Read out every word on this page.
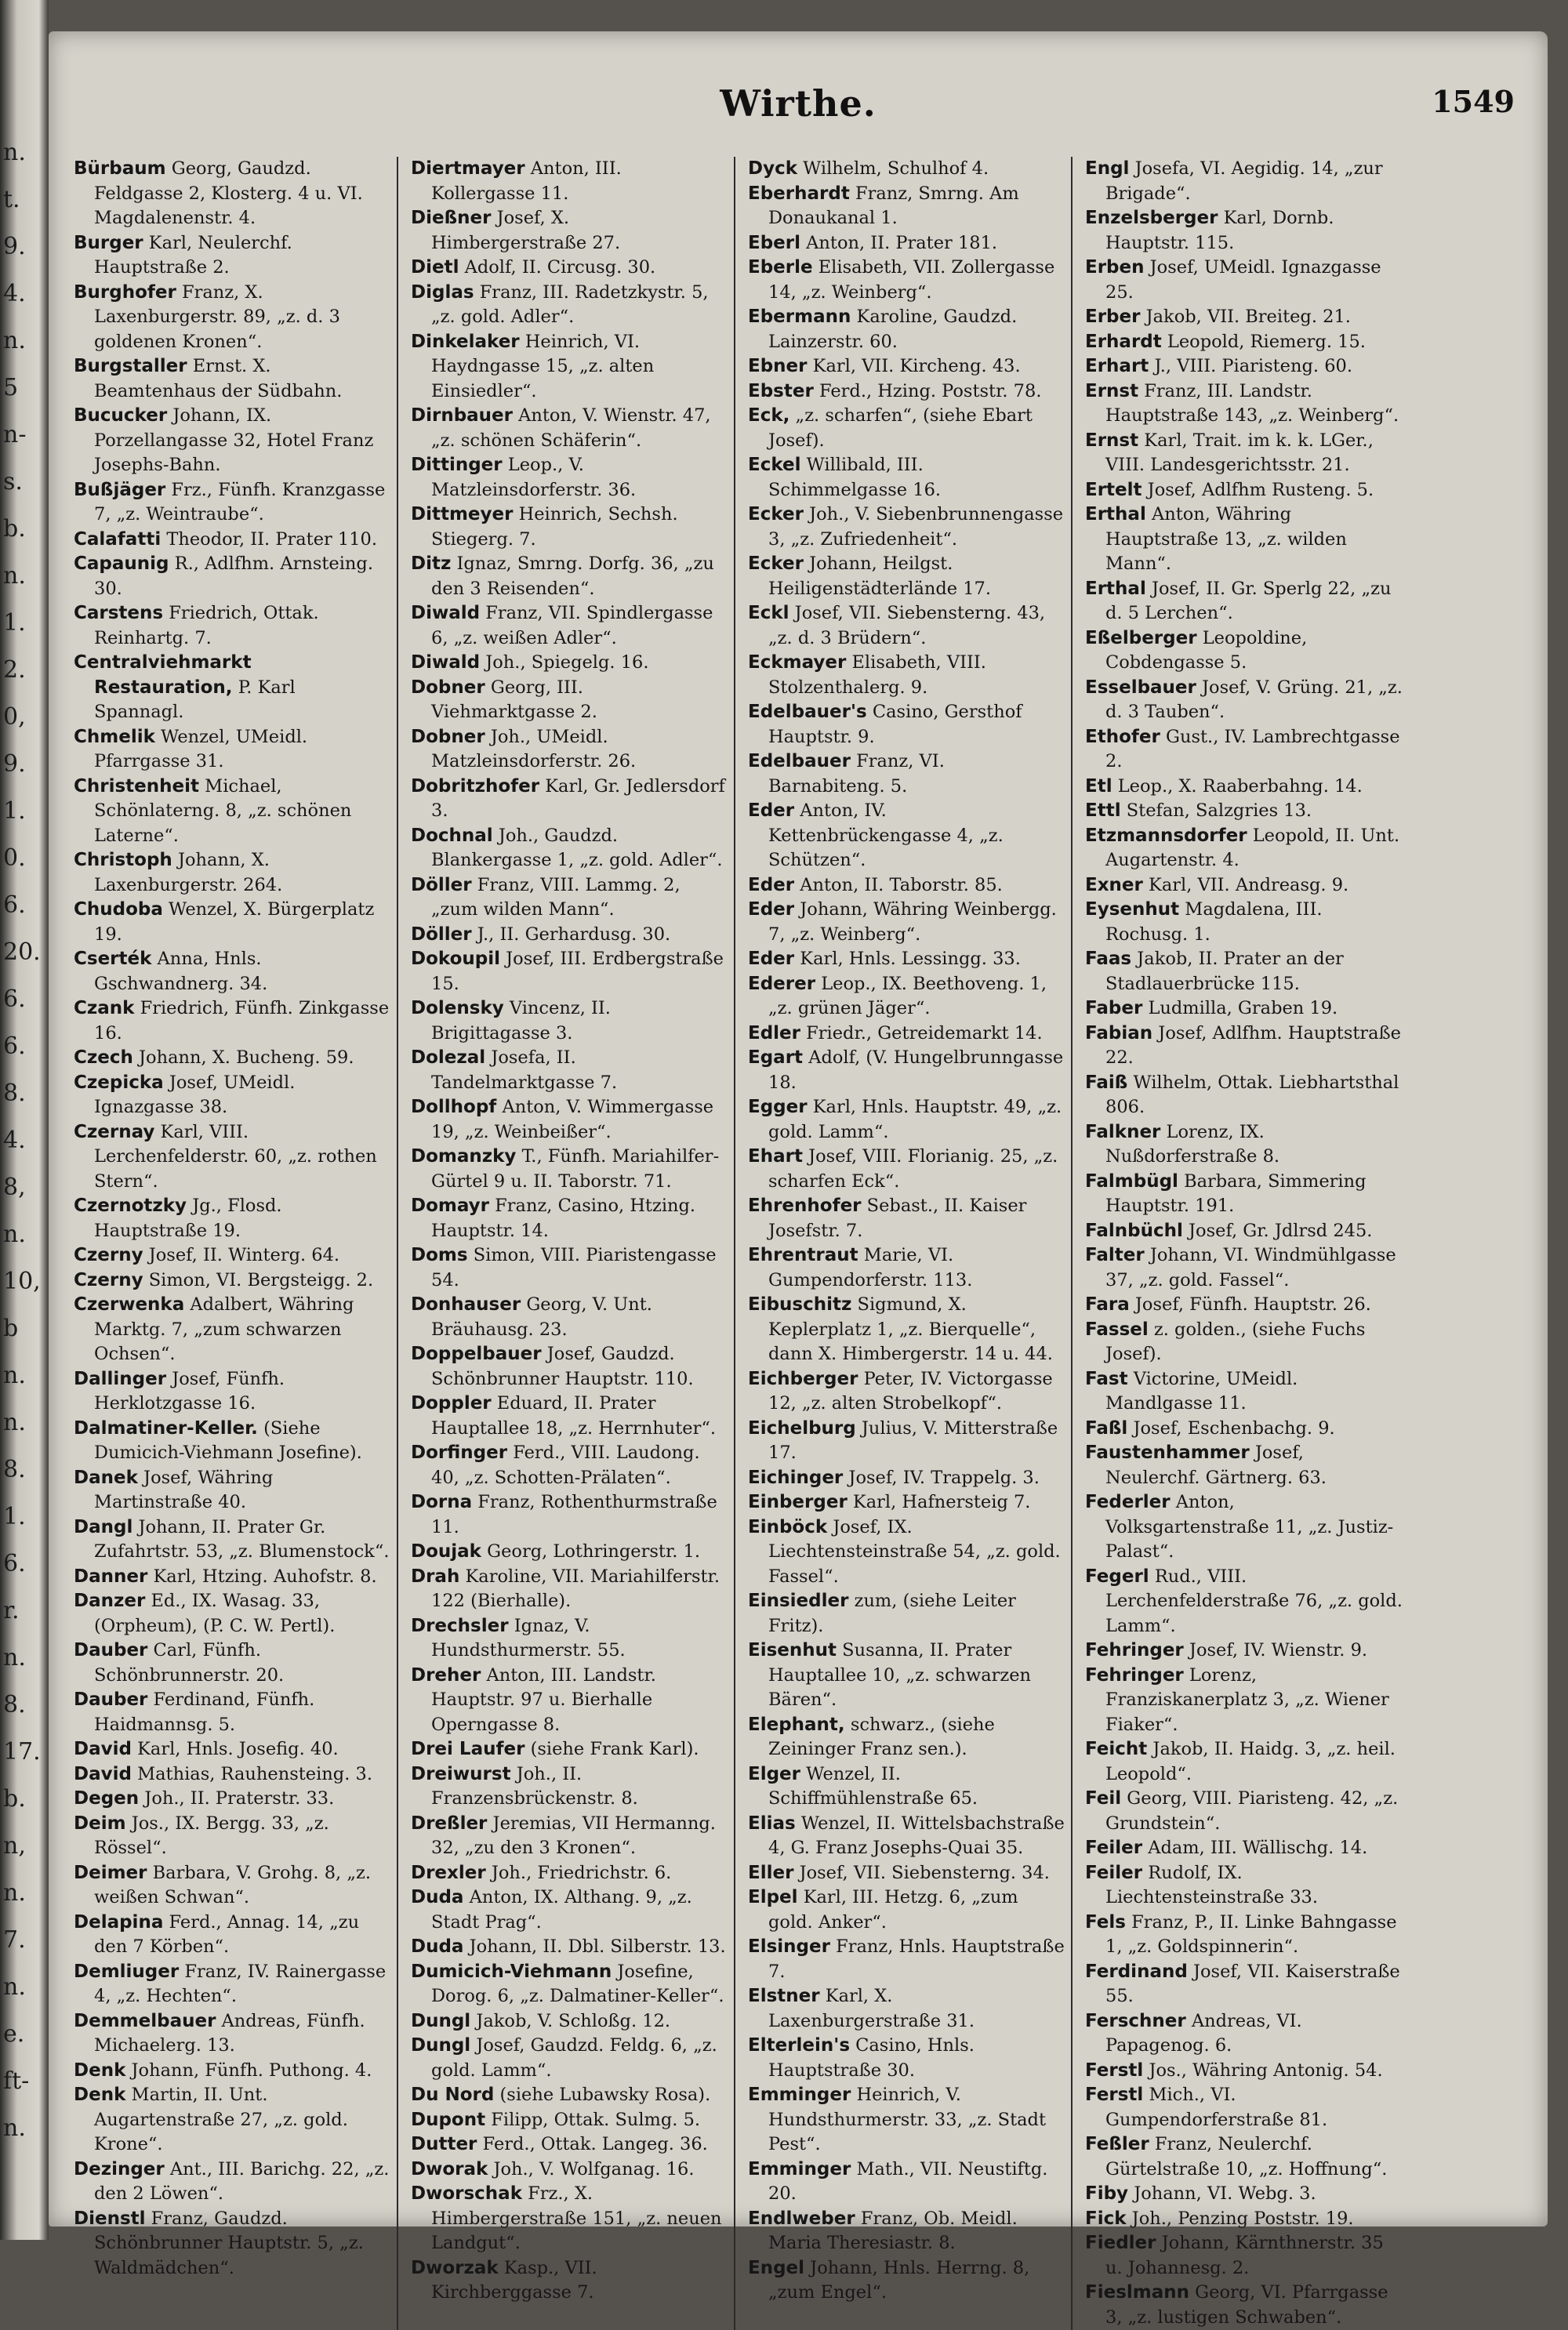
n.
t.
9.
4.
n.
5
n-
s.
b.
n.
1.
2.
0,
9.
1.
0.
6.
20.
6.
6.
8.
4.
8,
n.
10,
b
n.
n.
8.
1.
6.
r.
n.
8.
17.
b.
n,
n.
7.
n.
e.
ft-
n.
Wirthe.	1549
Bürbaum Georg, Gaudzd. Feldgasse 2, Klosterg. 4 u. VI. Magdalenenstr. 4.
Burger Karl, Neulerchf. Hauptstraße 2.
Burghofer Franz, X. Laxenburgerstr. 89, „z. d. 3 goldenen Kronen“.
Burgstaller Ernst. X. Beamtenhaus der Südbahn.
Bucucker Johann, IX. Porzellangasse 32, Hotel Franz Josephs-Bahn.
Bußjäger Frz., Fünfh. Kranzgasse 7, „z. Weintraube“.
Calafatti Theodor, II. Prater 110.
Capaunig R., Adlfhm. Arnsteing. 30.
Carstens Friedrich, Ottak. Reinhartg. 7.
Centralviehmarkt Restauration, P. Karl Spannagl.
Chmelik Wenzel, UMeidl. Pfarrgasse 31.
Christenheit Michael, Schönlaterng. 8, „z. schönen Laterne“.
Christoph Johann, X. Laxenburgerstr. 264.
Chudoba Wenzel, X. Bürgerplatz 19.
Cserték Anna, Hnls. Gschwandnerg. 34.
Czank Friedrich, Fünfh. Zinkgasse 16.
Czech Johann, X. Bucheng. 59.
Czepicka Josef, UMeidl. Ignazgasse 38.
Czernay Karl, VIII. Lerchenfelderstr. 60, „z. rothen Stern“.
Czernotzky Jg., Flosd. Hauptstraße 19.
Czerny Josef, II. Winterg. 64.
Czerny Simon, VI. Bergsteigg. 2.
Czerwenka Adalbert, Währing Marktg. 7, „zum schwarzen Ochsen“.
Dallinger Josef, Fünfh. Herklotzgasse 16.
Dalmatiner-Keller. (Siehe Dumicich-Viehmann Josefine).
Danek Josef, Währing Martinstraße 40.
Dangl Johann, II. Prater Gr. Zufahrtstr. 53, „z. Blumenstock“.
Danner Karl, Htzing. Auhofstr. 8.
Danzer Ed., IX. Wasag. 33, (Orpheum), (P. C. W. Pertl).
Dauber Carl, Fünfh. Schönbrunnerstr. 20.
Dauber Ferdinand, Fünfh. Haidmannsg. 5.
David Karl, Hnls. Josefig. 40.
David Mathias, Rauhensteing. 3.
Degen Joh., II. Praterstr. 33.
Deim Jos., IX. Bergg. 33, „z. Rössel“.
Deimer Barbara, V. Grohg. 8, „z. weißen Schwan“.
Delapina Ferd., Annag. 14, „zu den 7 Körben“.
Demliuger Franz, IV. Rainergasse 4, „z. Hechten“.
Demmelbauer Andreas, Fünfh. Michaelerg. 13.
Denk Johann, Fünfh. Puthong. 4.
Denk Martin, II. Unt. Augartenstraße 27, „z. gold. Krone“.
Dezinger Ant., III. Barichg. 22, „z. den 2 Löwen“.
Dienstl Franz, Gaudzd. Schönbrunner Hauptstr. 5, „z. Waldmädchen“.
Diertmayer Anton, III. Kollergasse 11.
Dießner Josef, X. Himbergerstraße 27.
Dietl Adolf, II. Circusg. 30.
Diglas Franz, III. Radetzkystr. 5, „z. gold. Adler“.
Dinkelaker Heinrich, VI. Haydngasse 15, „z. alten Einsiedler“.
Dirnbauer Anton, V. Wienstr. 47, „z. schönen Schäferin“.
Dittinger Leop., V. Matzleinsdorferstr. 36.
Dittmeyer Heinrich, Sechsh. Stiegerg. 7.
Ditz Ignaz, Smrng. Dorfg. 36, „zu den 3 Reisenden“.
Diwald Franz, VII. Spindlergasse 6, „z. weißen Adler“.
Diwald Joh., Spiegelg. 16.
Dobner Georg, III. Viehmarktgasse 2.
Dobner Joh., UMeidl. Matzleinsdorferstr. 26.
Dobritzhofer Karl, Gr. Jedlersdorf 3.
Dochnal Joh., Gaudzd. Blankergasse 1, „z. gold. Adler“.
Döller Franz, VIII. Lammg. 2, „zum wilden Mann“.
Döller J., II. Gerhardusg. 30.
Dokoupil Josef, III. Erdbergstraße 15.
Dolensky Vincenz, II. Brigittagasse 3.
Dolezal Josefa, II. Tandelmarktgasse 7.
Dollhopf Anton, V. Wimmergasse 19, „z. Weinbeißer“.
Domanzky T., Fünfh. Mariahilfer-Gürtel 9 u. II. Taborstr. 71.
Domayr Franz, Casino, Htzing. Hauptstr. 14.
Doms Simon, VIII. Piaristengasse 54.
Donhauser Georg, V. Unt. Bräuhausg. 23.
Doppelbauer Josef, Gaudzd. Schönbrunner Hauptstr. 110.
Doppler Eduard, II. Prater Hauptallee 18, „z. Herrnhuter“.
Dorfinger Ferd., VIII. Laudong. 40, „z. Schotten-Prälaten“.
Dorna Franz, Rothenthurmstraße 11.
Doujak Georg, Lothringerstr. 1.
Drah Karoline, VII. Mariahilferstr. 122 (Bierhalle).
Drechsler Ignaz, V. Hundsthurmerstr. 55.
Dreher Anton, III. Landstr. Hauptstr. 97 u. Bierhalle Operngasse 8.
Drei Laufer (siehe Frank Karl).
Dreiwurst Joh., II. Franzensbrückenstr. 8.
Dreßler Jeremias, VII Hermanng. 32, „zu den 3 Kronen“.
Drexler Joh., Friedrichstr. 6.
Duda Anton, IX. Althang. 9, „z. Stadt Prag“.
Duda Johann, II. Dbl. Silberstr. 13.
Dumicich-Viehmann Josefine, Dorog. 6, „z. Dalmatiner-Keller“.
Dungl Jakob, V. Schloßg. 12.
Dungl Josef, Gaudzd. Feldg. 6, „z. gold. Lamm“.
Du Nord (siehe Lubawsky Rosa).
Dupont Filipp, Ottak. Sulmg. 5.
Dutter Ferd., Ottak. Langeg. 36.
Dworak Joh., V. Wolfganag. 16.
Dworschak Frz., X. Himbergerstraße 151, „z. neuen Landgut“.
Dworzak Kasp., VII. Kirchberggasse 7.
Dyck Wilhelm, Schulhof 4.
Eberhardt Franz, Smrng. Am Donaukanal 1.
Eberl Anton, II. Prater 181.
Eberle Elisabeth, VII. Zollergasse 14, „z. Weinberg“.
Ebermann Karoline, Gaudzd. Lainzerstr. 60.
Ebner Karl, VII. Kircheng. 43.
Ebster Ferd., Hzing. Poststr. 78.
Eck, „z. scharfen“, (siehe Ebart Josef).
Eckel Willibald, III. Schimmelgasse 16.
Ecker Joh., V. Siebenbrunnengasse 3, „z. Zufriedenheit“.
Ecker Johann, Heilgst. Heiligenstädterlände 17.
Eckl Josef, VII. Siebensterng. 43, „z. d. 3 Brüdern“.
Eckmayer Elisabeth, VIII. Stolzenthalerg. 9.
Edelbauer's Casino, Gersthof Hauptstr. 9.
Edelbauer Franz, VI. Barnabiteng. 5.
Eder Anton, IV. Kettenbrückengasse 4, „z. Schützen“.
Eder Anton, II. Taborstr. 85.
Eder Johann, Währing Weinbergg. 7, „z. Weinberg“.
Eder Karl, Hnls. Lessingg. 33.
Ederer Leop., IX. Beethoveng. 1, „z. grünen Jäger“.
Edler Friedr., Getreidemarkt 14.
Egart Adolf, (V. Hungelbrunngasse 18.
Egger Karl, Hnls. Hauptstr. 49, „z. gold. Lamm“.
Ehart Josef, VIII. Florianig. 25, „z. scharfen Eck“.
Ehrenhofer Sebast., II. Kaiser Josefstr. 7.
Ehrentraut Marie, VI. Gumpendorferstr. 113.
Eibuschitz Sigmund, X. Keplerplatz 1, „z. Bierquelle“, dann X. Himbergerstr. 14 u. 44.
Eichberger Peter, IV. Victorgasse 12, „z. alten Strobelkopf“.
Eichelburg Julius, V. Mitterstraße 17.
Eichinger Josef, IV. Trappelg. 3.
Einberger Karl, Hafnersteig 7.
Einböck Josef, IX. Liechtensteinstraße 54, „z. gold. Fassel“.
Einsiedler zum, (siehe Leiter Fritz).
Eisenhut Susanna, II. Prater Hauptallee 10, „z. schwarzen Bären“.
Elephant, schwarz., (siehe Zeininger Franz sen.).
Elger Wenzel, II. Schiffmühlenstraße 65.
Elias Wenzel, II. Wittelsbachstraße 4, G. Franz Josephs-Quai 35.
Eller Josef, VII. Siebensterng. 34.
Elpel Karl, III. Hetzg. 6, „zum gold. Anker“.
Elsinger Franz, Hnls. Hauptstraße 7.
Elstner Karl, X. Laxenburgerstraße 31.
Elterlein's Casino, Hnls. Hauptstraße 30.
Emminger Heinrich, V. Hundsthurmerstr. 33, „z. Stadt Pest“.
Emminger Math., VII. Neustiftg. 20.
Endlweber Franz, Ob. Meidl. Maria Theresiastr. 8.
Engel Johann, Hnls. Herrng. 8, „zum Engel“.
Engl Josefa, VI. Aegidig. 14, „zur Brigade“.
Enzelsberger Karl, Dornb. Hauptstr. 115.
Erben Josef, UMeidl. Ignazgasse 25.
Erber Jakob, VII. Breiteg. 21.
Erhardt Leopold, Riemerg. 15.
Erhart J., VIII. Piaristeng. 60.
Ernst Franz, III. Landstr. Hauptstraße 143, „z. Weinberg“.
Ernst Karl, Trait. im k. k. LGer., VIII. Landesgerichtsstr. 21.
Ertelt Josef, Adlfhm Rusteng. 5.
Erthal Anton, Währing Hauptstraße 13, „z. wilden Mann“.
Erthal Josef, II. Gr. Sperlg 22, „zu d. 5 Lerchen“.
Eßelberger Leopoldine, Cobdengasse 5.
Esselbauer Josef, V. Grüng. 21, „z. d. 3 Tauben“.
Ethofer Gust., IV. Lambrechtgasse 2.
Etl Leop., X. Raaberbahng. 14.
Ettl Stefan, Salzgries 13.
Etzmannsdorfer Leopold, II. Unt. Augartenstr. 4.
Exner Karl, VII. Andreasg. 9.
Eysenhut Magdalena, III. Rochusg. 1.
Faas Jakob, II. Prater an der Stadlauerbrücke 115.
Faber Ludmilla, Graben 19.
Fabian Josef, Adlfhm. Hauptstraße 22.
Faiß Wilhelm, Ottak. Liebhartsthal 806.
Falkner Lorenz, IX. Nußdorferstraße 8.
Falmbügl Barbara, Simmering Hauptstr. 191.
Falnbüchl Josef, Gr. Jdlrsd 245.
Falter Johann, VI. Windmühlgasse 37, „z. gold. Fassel“.
Fara Josef, Fünfh. Hauptstr. 26.
Fassel z. golden., (siehe Fuchs Josef).
Fast Victorine, UMeidl. Mandlgasse 11.
Faßl Josef, Eschenbachg. 9.
Faustenhammer Josef, Neulerchf. Gärtnerg. 63.
Federler Anton, Volksgartenstraße 11, „z. Justiz-Palast“.
Fegerl Rud., VIII. Lerchenfelderstraße 76, „z. gold. Lamm“.
Fehringer Josef, IV. Wienstr. 9.
Fehringer Lorenz, Franziskanerplatz 3, „z. Wiener Fiaker“.
Feicht Jakob, II. Haidg. 3, „z. heil. Leopold“.
Feil Georg, VIII. Piaristeng. 42, „z. Grundstein“.
Feiler Adam, III. Wällischg. 14.
Feiler Rudolf, IX. Liechtensteinstraße 33.
Fels Franz, P., II. Linke Bahngasse 1, „z. Goldspinnerin“.
Ferdinand Josef, VII. Kaiserstraße 55.
Ferschner Andreas, VI. Papagenog. 6.
Ferstl Jos., Währing Antonig. 54.
Ferstl Mich., VI. Gumpendorferstraße 81.
Feßler Franz, Neulerchf. Gürtelstraße 10, „z. Hoffnung“.
Fiby Johann, VI. Webg. 3.
Fick Joh., Penzing Poststr. 19.
Fiedler Johann, Kärnthnerstr. 35 u. Johannesg. 2.
Fieslmann Georg, VI. Pfarrgasse 3, „z. lustigen Schwaben“.
